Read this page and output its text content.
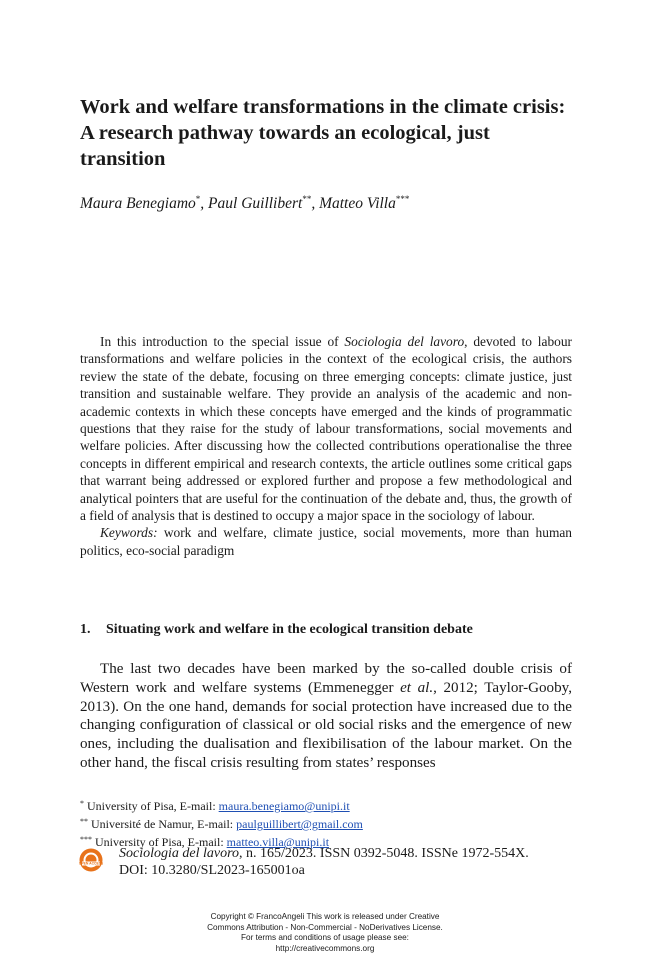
Work and welfare transformations in the climate crisis: A research pathway towards an ecological, just transition
Maura Benegiamo*, Paul Guillibert**, Matteo Villa***

In this introduction to the special issue of Sociologia del lavoro, devoted to labour transformations and welfare policies in the context of the ecological crisis, the authors review the state of the debate, focusing on three emerging concepts: climate justice, just transition and sustainable welfare. They provide an analysis of the academic and non-academic contexts in which these concepts have emerged and the kinds of programmatic questions that they raise for the study of labour transformations, social movements and welfare policies. After discussing how the collected contributions operationalise the three concepts in different empirical and research contexts, the article outlines some critical gaps that warrant being addressed or explored further and propose a few methodological and analytical pointers that are useful for the continuation of the debate and, thus, the growth of a field of analysis that is destined to occupy a major space in the sociology of labour.

Keywords: work and welfare, climate justice, social movements, more than human politics, eco-social paradigm

1. Situating work and welfare in the ecological transition debate

The last two decades have been marked by the so-called double crisis of Western work and welfare systems (Emmenegger et al., 2012; Taylor-Gooby, 2013). On the one hand, demands for social protection have increased due to the changing configuration of classical or old social risks and the emergence of new ones, including the dualisation and flexibilisation of the labour market. On the other hand, the fiscal crisis resulting from states’ responses

* University of Pisa, E-mail: maura.benegiamo@unipi.it
** Université de Namur, E-mail: paulguillibert@gmail.com
*** University of Pisa, E-mail: matteo.villa@unipi.it
OPEN ACCESS
Sociologia del lavoro, n. 165/2023. ISSN 0392-5048. ISSNe 1972-554X.
DOI: 10.3280/SL2023-165001oa
Copyright © FrancoAngeli This work is released under Creative
Commons Attribution - Non-Commercial - NoDerivatives License.
For terms and conditions of usage please see:
http://creativecommons.org
